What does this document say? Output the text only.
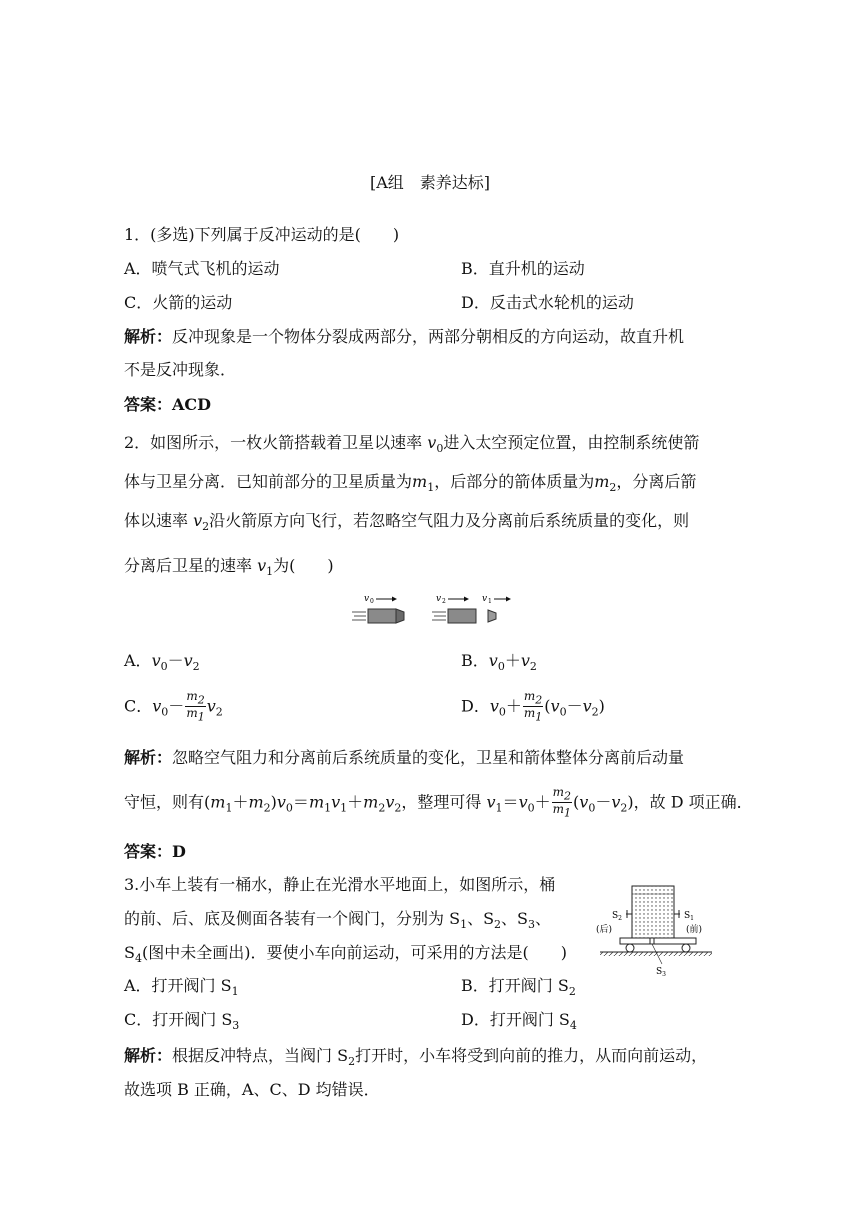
[A组　素养达标]
1．(多选)下列属于反冲运动的是(　　)
A．喷气式飞机的运动	B．直升机的运动
C．火箭的运动	D．反击式水轮机的运动
解析：反冲现象是一个物体分裂成两部分，两部分朝相反的方向运动，故直升机
不是反冲现象．
答案：ACD
2．如图所示，一枚火箭搭载着卫星以速率 $v_0$进入太空预定位置，由控制系统使箭
体与卫星分离．已知前部分的卫星质量为$m_1$，后部分的箭体质量为$m_2$，分离后箭
体以速率 $v_2$沿火箭原方向飞行，若忽略空气阻力及分离前后系统质量的变化，则
分离后卫星的速率 $v_1$为(　　)
v 0	v 2	v 1
A．$v_0-v_2$	B．$v_0+v_2$
C．$v_0- \frac{m_2}{m_1} v_2$	D．$v_0+ \frac{m_2}{m_1} (v_0-v_2)$
解析：忽略空气阻力和分离前后系统质量的变化，卫星和箭体整体分离前后动量
守恒，则有$(m_1+m_2)v_0=m_1v_1+m_2v_2$，整理可得 $v_1=v_0+ \frac{m_2}{m_1} (v_0-v_2)$，故 D 项正确．
答案：D
3.小车上装有一桶水，静止在光滑水平地面上，如图所示，桶
的前、后、底及侧面各装有一个阀门，分别为 $S_1$、$S_2$、$S_3$、
$S_4$(图中未全画出)．要使小车向前运动，可采用的方法是(　　)
$S_2$	$S_1$
(后)	(前)
$S_3$
A．打开阀门 $S_1$	B．打开阀门 $S_2$
C．打开阀门 $S_3$	D．打开阀门 $S_4$
解析：根据反冲特点，当阀门 $S_2$打开时，小车将受到向前的推力，从而向前运动，
故选项 B 正确，A、C、D 均错误．
